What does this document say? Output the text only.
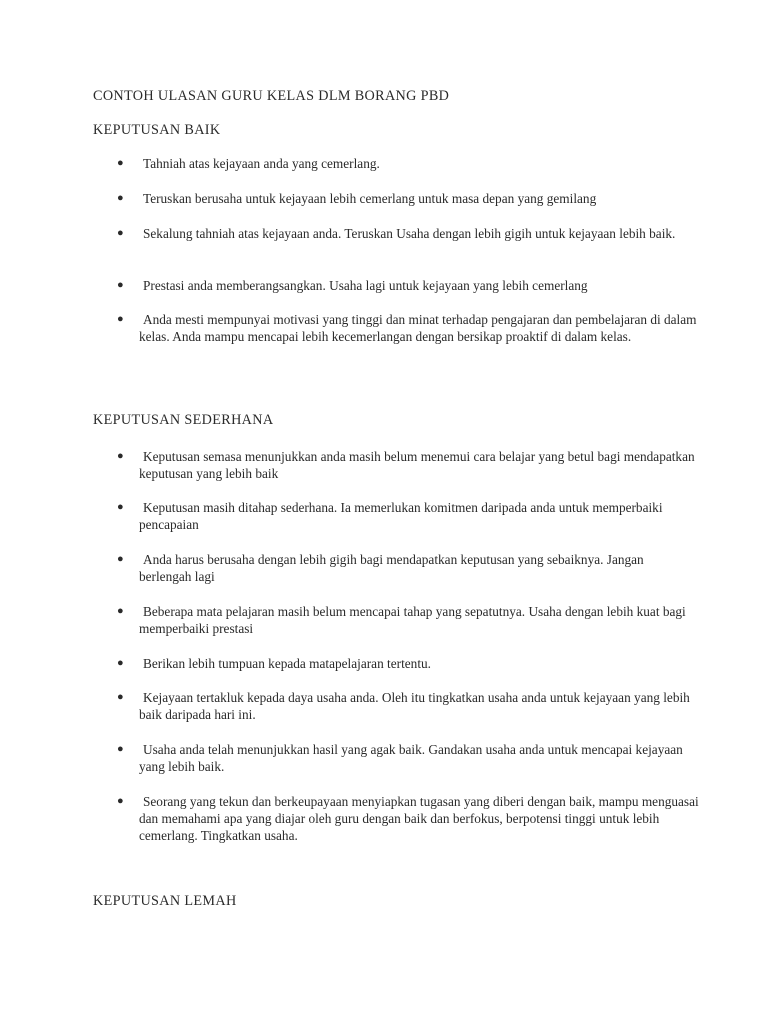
CONTOH ULASAN GURU KELAS DLM BORANG PBD
KEPUTUSAN BAIK
●	Tahniah atas kejayaan anda yang cemerlang.
●	Teruskan berusaha untuk kejayaan lebih cemerlang untuk masa depan yang gemilang
●	Sekalung tahniah atas kejayaan anda. Teruskan Usaha dengan lebih gigih untuk kejayaan lebih baik.
●	Prestasi anda memberangsangkan. Usaha lagi untuk kejayaan yang lebih cemerlang
●	Anda mesti mempunyai motivasi yang tinggi dan minat terhadap pengajaran dan pembelajaran di dalam kelas. Anda mampu mencapai lebih kecemerlangan dengan bersikap proaktif di dalam kelas.
KEPUTUSAN SEDERHANA
●	Keputusan semasa menunjukkan anda masih belum menemui cara belajar yang betul bagi mendapatkan keputusan yang lebih baik
●	Keputusan masih ditahap sederhana. Ia memerlukan komitmen daripada anda untuk memperbaiki pencapaian
●	Anda harus berusaha dengan lebih gigih bagi mendapatkan keputusan yang sebaiknya. Jangan berlengah lagi
●	Beberapa mata pelajaran masih belum mencapai tahap yang sepatutnya. Usaha dengan lebih kuat bagi memperbaiki prestasi
●	Berikan lebih tumpuan kepada matapelajaran tertentu.
●	Kejayaan tertakluk kepada daya usaha anda. Oleh itu tingkatkan usaha anda untuk kejayaan yang lebih baik daripada hari ini.
●	Usaha anda telah menunjukkan hasil yang agak baik. Gandakan usaha anda untuk mencapai kejayaan yang lebih baik.
●	Seorang yang tekun dan berkeupayaan menyiapkan tugasan yang diberi dengan baik, mampu menguasai dan memahami apa yang diajar oleh guru dengan baik dan berfokus, berpotensi tinggi untuk lebih cemerlang. Tingkatkan usaha.
KEPUTUSAN LEMAH
